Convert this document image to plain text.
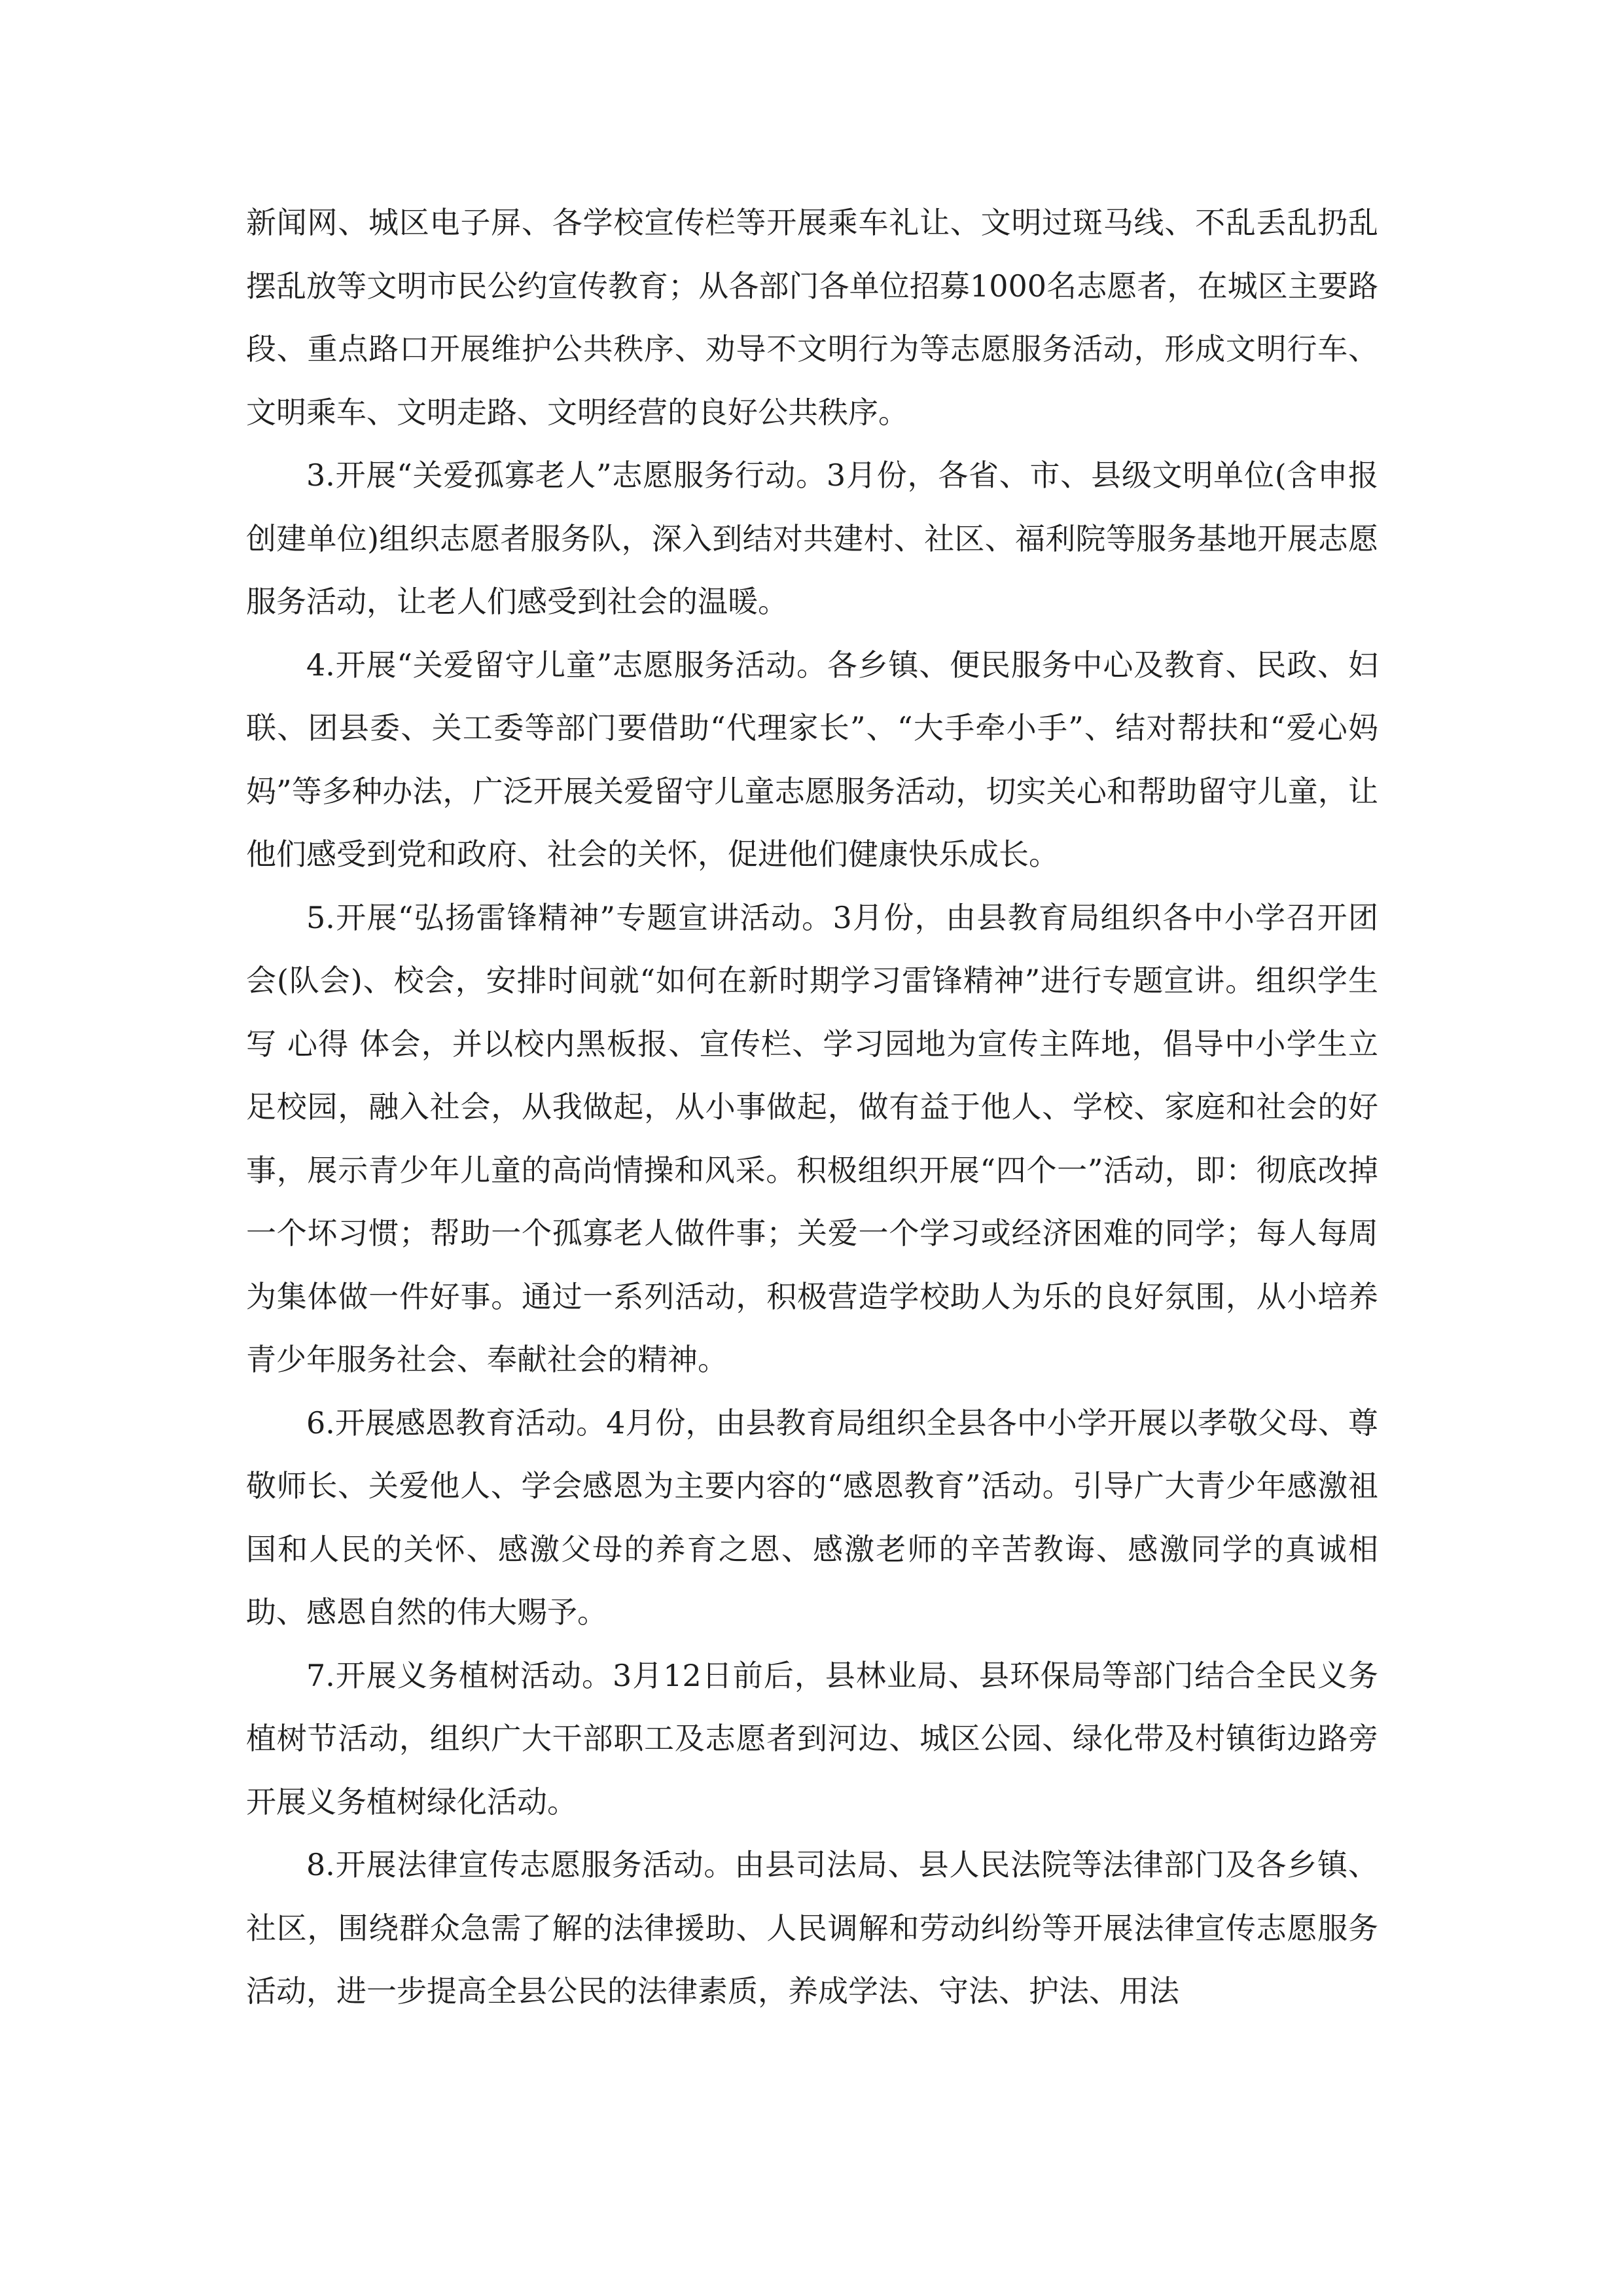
新闻网、城区电子屏、各学校宣传栏等开展乘车礼让、文明过斑马线、不乱丢乱扔乱摆乱放等文明市民公约宣传教育；从各部门各单位招募1000名志愿者，在城区主要路段、重点路口开展维护公共秩序、劝导不文明行为等志愿服务活动，形成文明行车、文明乘车、文明走路、文明经营的良好公共秩序。

3.开展“关爱孤寡老人”志愿服务行动。3月份，各省、市、县级文明单位(含申报创建单位)组织志愿者服务队，深入到结对共建村、社区、福利院等服务基地开展志愿服务活动，让老人们感受到社会的温暖。

4.开展“关爱留守儿童”志愿服务活动。各乡镇、便民服务中心及教育、民政、妇联、团县委、关工委等部门要借助“代理家长”、“大手牵小手”、结对帮扶和“爱心妈妈”等多种办法，广泛开展关爱留守儿童志愿服务活动，切实关心和帮助留守儿童，让他们感受到党和政府、社会的关怀，促进他们健康快乐成长。

5.开展“弘扬雷锋精神”专题宣讲活动。3月份，由县教育局组织各中小学召开团会(队会)、校会，安排时间就“如何在新时期学习雷锋精神”进行专题宣讲。组织学生写 心得 体会，并以校内黑板报、宣传栏、学习园地为宣传主阵地，倡导中小学生立足校园，融入社会，从我做起，从小事做起，做有益于他人、学校、家庭和社会的好事，展示青少年儿童的高尚情操和风采。积极组织开展“四个一”活动，即：彻底改掉一个坏习惯；帮助一个孤寡老人做件事；关爱一个学习或经济困难的同学；每人每周为集体做一件好事。通过一系列活动，积极营造学校助人为乐的良好氛围，从小培养青少年服务社会、奉献社会的精神。

6.开展感恩教育活动。4月份，由县教育局组织全县各中小学开展以孝敬父母、尊敬师长、关爱他人、学会感恩为主要内容的“感恩教育”活动。引导广大青少年感激祖国和人民的关怀、感激父母的养育之恩、感激老师的辛苦教诲、感激同学的真诚相助、感恩自然的伟大赐予。

7.开展义务植树活动。3月12日前后，县林业局、县环保局等部门结合全民义务植树节活动，组织广大干部职工及志愿者到河边、城区公园、绿化带及村镇街边路旁开展义务植树绿化活动。

8.开展法律宣传志愿服务活动。由县司法局、县人民法院等法律部门及各乡镇、社区，围绕群众急需了解的法律援助、人民调解和劳动纠纷等开展法律宣传志愿服务活动，进一步提高全县公民的法律素质，养成学法、守法、护法、用法
